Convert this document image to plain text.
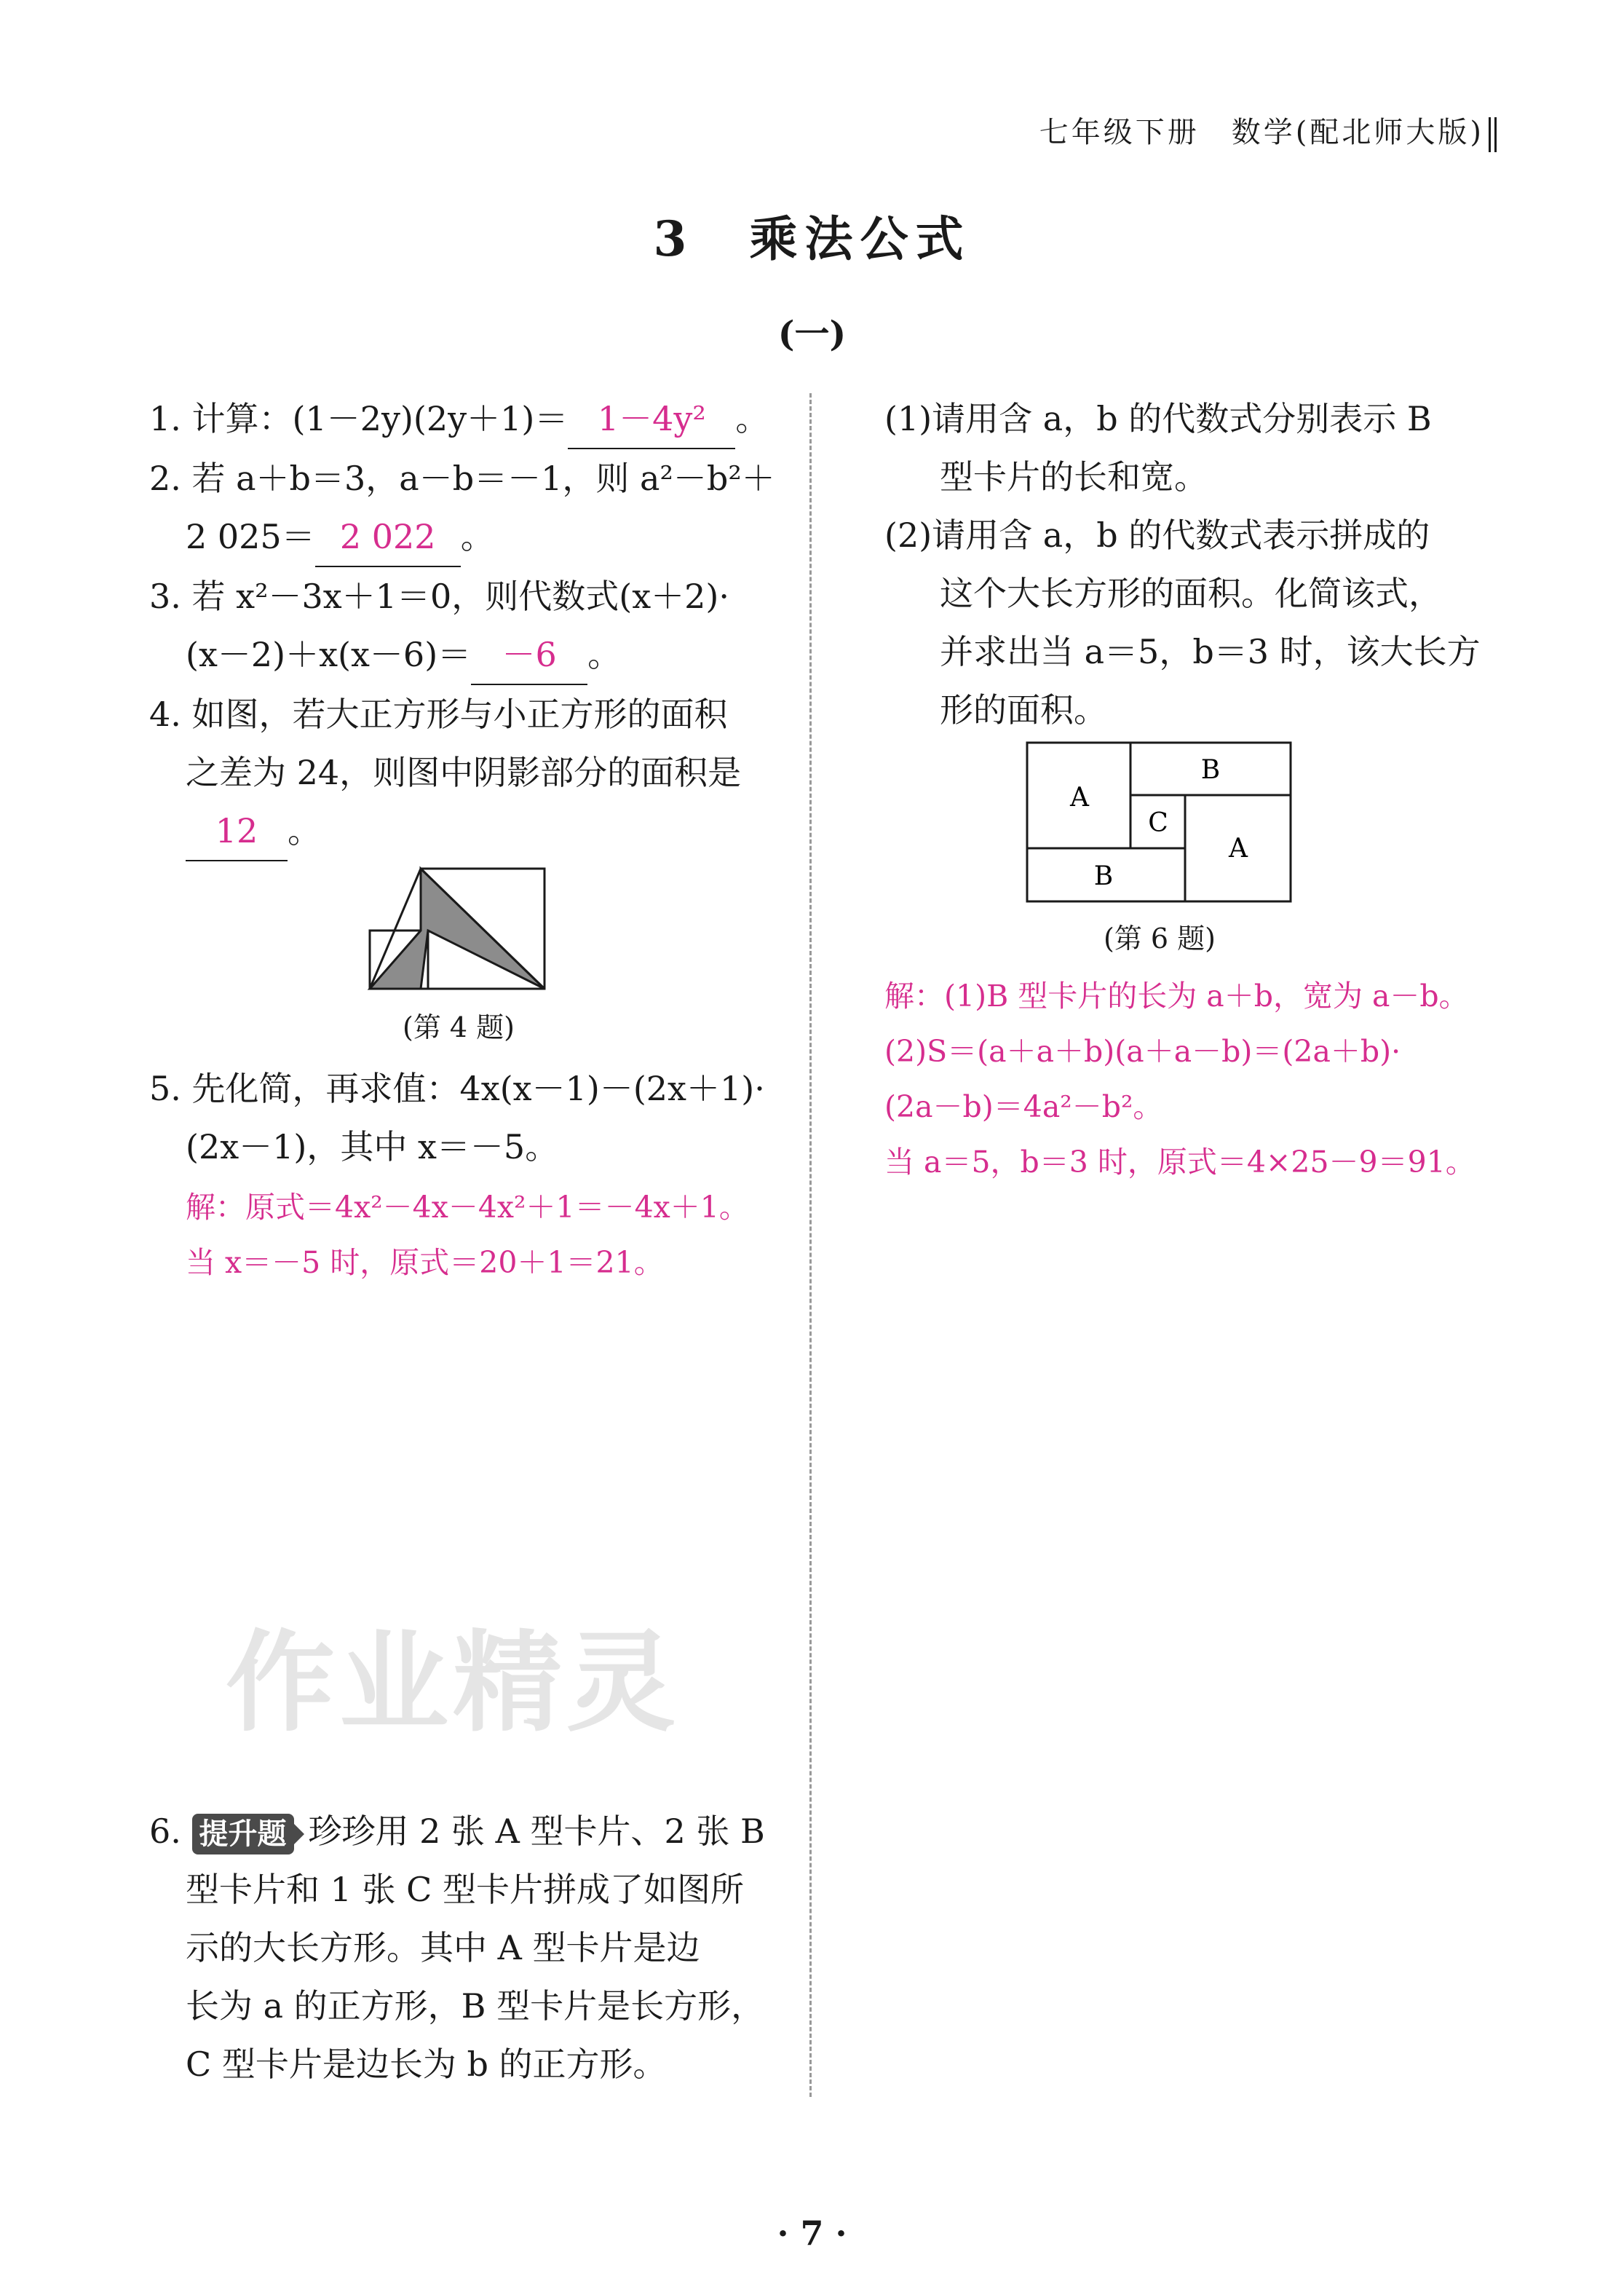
七年级下册　数学(配北师大版)
3　乘法公式
(一)
1. 计算：(1－2y)(2y＋1)＝ 1－4y² 。
2. 若 a＋b＝3，a－b＝－1，则 a²－b²＋
2 025＝ 2 022 。
3. 若 x²－3x＋1＝0，则代数式(x＋2)·
(x－2)＋x(x－6)＝ －6 。
4. 如图，若大正方形与小正方形的面积
之差为 24，则图中阴影部分的面积是
12 。
(第 4 题)
5. 先化简，再求值：4x(x－1)－(2x＋1)·
(2x－1)，其中 x＝－5。
解：原式＝4x²－4x－4x²＋1＝－4x＋1。
当 x＝－5 时，原式＝20＋1＝21。
作业精灵
6. 提升题 珍珍用 2 张 A 型卡片、2 张 B
型卡片和 1 张 C 型卡片拼成了如图所
示的大长方形。其中 A 型卡片是边
长为 a 的正方形，B 型卡片是长方形，
C 型卡片是边长为 b 的正方形。
(1)请用含 a，b 的代数式分别表示 B
型卡片的长和宽。
(2)请用含 a，b 的代数式表示拼成的
这个大长方形的面积。化简该式，
并求出当 a＝5，b＝3 时，该大长方
形的面积。
A
B
C
A
B
(第 6 题)
解：(1)B 型卡片的长为 a＋b，宽为 a－b。
(2)S＝(a＋a＋b)(a＋a－b)＝(2a＋b)·
(2a－b)＝4a²－b²。
当 a＝5，b＝3 时，原式＝4×25－9＝91。
· 7 ·
